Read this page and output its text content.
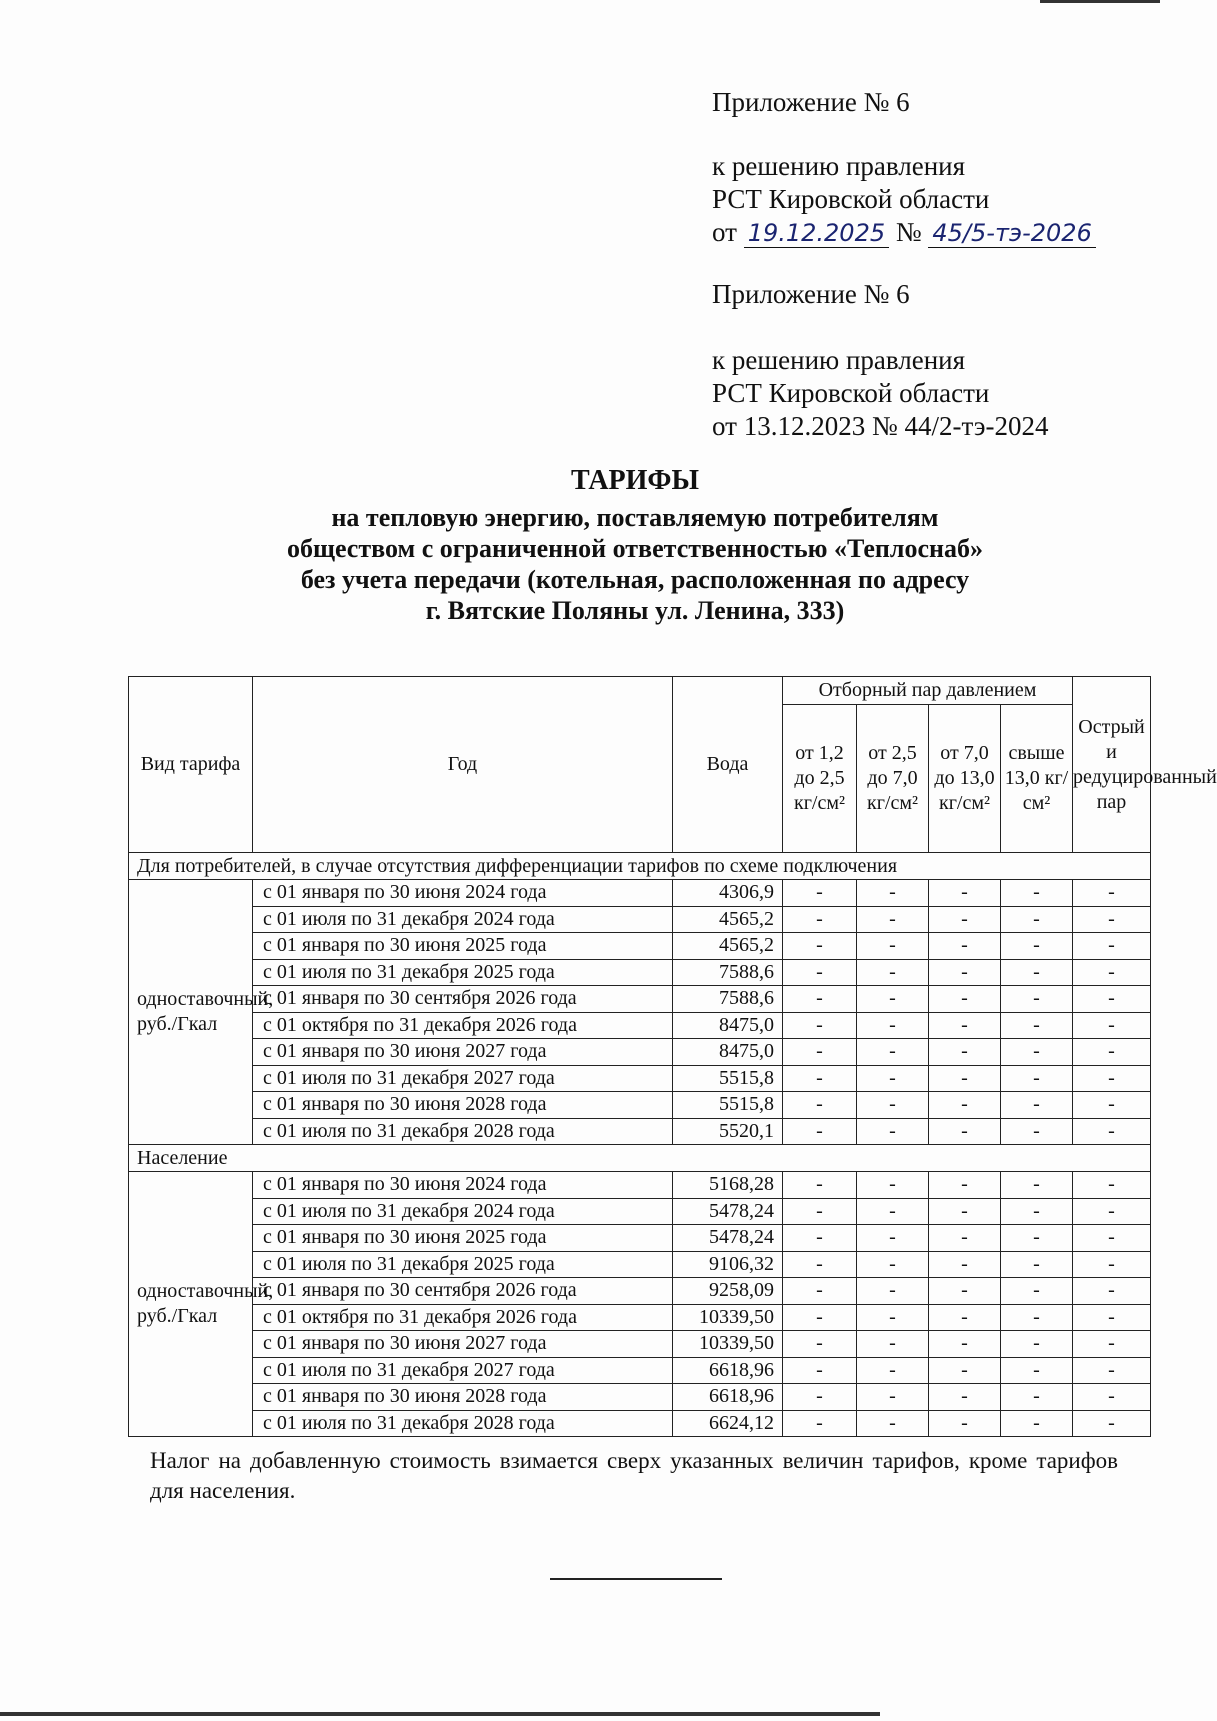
Приложение № 6
к решению правления
РСТ Кировской области
от 19.12.2025 № 45/5-тэ-2026
Приложение № 6
к решению правления
РСТ Кировской области
от 13.12.2023 № 44/2-тэ-2024
ТАРИФЫ
на тепловую энергию, поставляемую потребителям
обществом с ограниченной ответственностью «Теплоснаб»
без учета передачи (котельная, расположенная по адресу
г. Вятские Поляны ул. Ленина, 333)
Вид тарифа	Год	Вода	Отборный пар давлением				Острый и редуцированный пар
			от 1,2 до 2,5 кг/см²	от 2,5 до 7,0 кг/см²	от 7,0 до 13,0 кг/см²	свыше 13,0 кг/см²	
Для потребителей, в случае отсутствия дифференциации тарифов по схеме подключения							
одноставочный, руб./Гкал	с 01 января по 30 июня 2024 года	4306,9	-	-	-	-	-
	с 01 июля по 31 декабря 2024 года	4565,2	-	-	-	-	-
	с 01 января по 30 июня 2025 года	4565,2	-	-	-	-	-
	с 01 июля по 31 декабря 2025 года	7588,6	-	-	-	-	-
	с 01 января по 30 сентября 2026 года	7588,6	-	-	-	-	-
	с 01 октября по 31 декабря 2026 года	8475,0	-	-	-	-	-
	с 01 января по 30 июня 2027 года	8475,0	-	-	-	-	-
	с 01 июля по 31 декабря 2027 года	5515,8	-	-	-	-	-
	с 01 января по 30 июня 2028 года	5515,8	-	-	-	-	-
	с 01 июля по 31 декабря 2028 года	5520,1	-	-	-	-	-
Население							
одноставочный, руб./Гкал	с 01 января по 30 июня 2024 года	5168,28	-	-	-	-	-
	с 01 июля по 31 декабря 2024 года	5478,24	-	-	-	-	-
	с 01 января по 30 июня 2025 года	5478,24	-	-	-	-	-
	с 01 июля по 31 декабря 2025 года	9106,32	-	-	-	-	-
	с 01 января по 30 сентября 2026 года	9258,09	-	-	-	-	-
	с 01 октября по 31 декабря 2026 года	10339,50	-	-	-	-	-
	с 01 января по 30 июня 2027 года	10339,50	-	-	-	-	-
	с 01 июля по 31 декабря 2027 года	6618,96	-	-	-	-	-
	с 01 января по 30 июня 2028 года	6618,96	-	-	-	-	-
	с 01 июля по 31 декабря 2028 года	6624,12	-	-	-	-	-
Налог на добавленную стоимость взимается сверх указанных величин тарифов, кроме тарифов для населения.
